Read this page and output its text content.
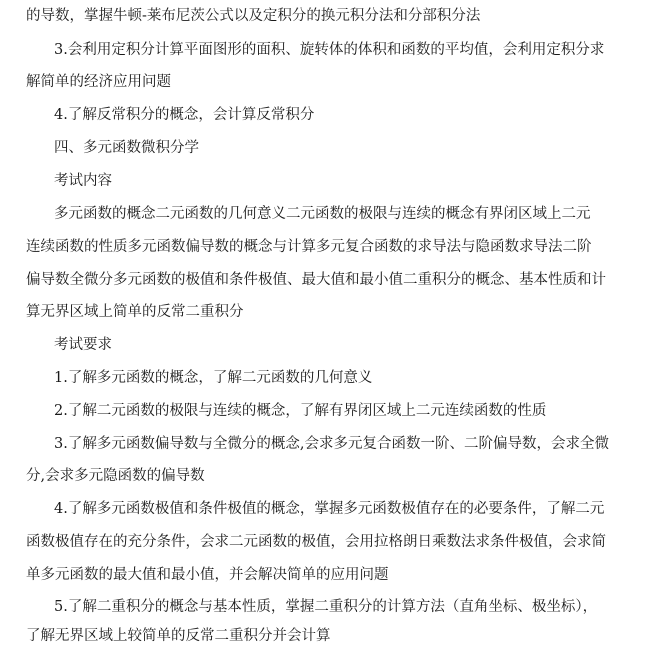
的导数，掌握牛顿-莱布尼茨公式以及定积分的换元积分法和分部积分法
3.会利用定积分计算平面图形的面积、旋转体的体积和函数的平均值，会利用定积分求
解简单的经济应用问题
4.了解反常积分的概念，会计算反常积分
四、多元函数微积分学
考试内容
多元函数的概念二元函数的几何意义二元函数的极限与连续的概念有界闭区域上二元
连续函数的性质多元函数偏导数的概念与计算多元复合函数的求导法与隐函数求导法二阶
偏导数全微分多元函数的极值和条件极值、最大值和最小值二重积分的概念、基本性质和计
算无界区域上简单的反常二重积分
考试要求
1.了解多元函数的概念，了解二元函数的几何意义
2.了解二元函数的极限与连续的概念，了解有界闭区域上二元连续函数的性质
3.了解多元函数偏导数与全微分的概念,会求多元复合函数一阶、二阶偏导数，会求全微
分,会求多元隐函数的偏导数
4.了解多元函数极值和条件极值的概念，掌握多元函数极值存在的必要条件，了解二元
函数极值存在的充分条件，会求二元函数的极值，会用拉格朗日乘数法求条件极值，会求简
单多元函数的最大值和最小值，并会解决简单的应用问题
5.了解二重积分的概念与基本性质，掌握二重积分的计算方法（直角坐标、极坐标），
了解无界区域上较简单的反常二重积分并会计算
